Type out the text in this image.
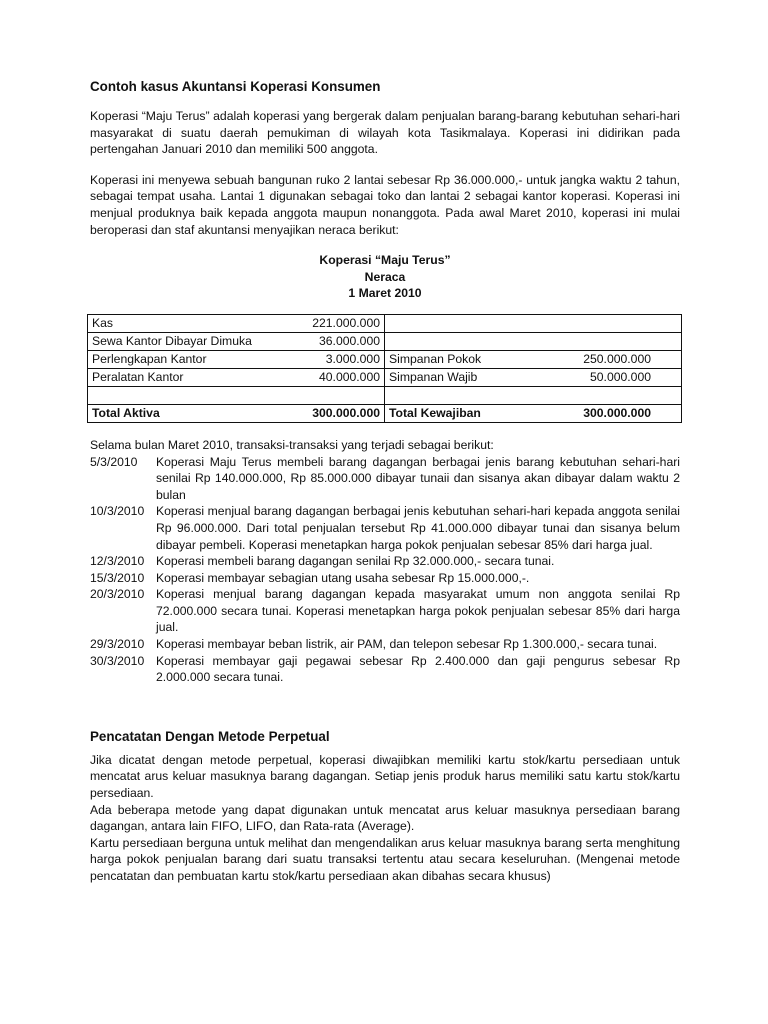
Contoh kasus Akuntansi Koperasi Konsumen

Koperasi “Maju Terus” adalah koperasi yang bergerak dalam penjualan barang-barang kebutuhan sehari-hari masyarakat di suatu daerah pemukiman di wilayah kota Tasikmalaya. Koperasi ini didirikan pada pertengahan Januari 2010 dan memiliki 500 anggota.

Koperasi ini menyewa sebuah bangunan ruko 2 lantai sebesar Rp 36.000.000,- untuk jangka waktu 2 tahun, sebagai tempat usaha. Lantai 1 digunakan sebagai toko dan lantai 2 sebagai kantor koperasi. Koperasi ini menjual produknya baik kepada anggota maupun nonanggota. Pada awal Maret 2010, koperasi ini mulai beroperasi dan staf akuntansi menyajikan neraca berikut:

Koperasi “Maju Terus”
Neraca
1 Maret 2010
Kas	221.000.000		
Sewa Kantor Dibayar Dimuka	36.000.000		
Perlengkapan Kantor	3.000.000	Simpanan Pokok	250.000.000
Peralatan Kantor	40.000.000	Simpanan Wajib	50.000.000

Total Aktiva	300.000.000	Total Kewajiban	300.000.000

Selama bulan Maret 2010, transaksi-transaksi yang terjadi sebagai berikut:

5/3/2010	Koperasi Maju Terus membeli barang dagangan berbagai jenis barang kebutuhan sehari-hari senilai Rp 140.000.000, Rp 85.000.000 dibayar tunaii dan sisanya akan dibayar dalam waktu 2 bulan
10/3/2010 Koperasi menjual barang dagangan berbagai jenis kebutuhan sehari-hari kepada anggota senilai Rp 96.000.000. Dari total penjualan tersebut Rp 41.000.000 dibayar tunai dan sisanya belum dibayar pembeli. Koperasi menetapkan harga pokok penjualan sebesar 85% dari harga jual.
12/3/2010 Koperasi membeli barang dagangan senilai Rp 32.000.000,- secara tunai.
15/3/2010 Koperasi membayar sebagian utang usaha sebesar Rp 15.000.000,-.
20/3/2010 Koperasi menjual barang dagangan kepada masyarakat umum non anggota senilai Rp 72.000.000 secara tunai. Koperasi menetapkan harga pokok penjualan sebesar 85% dari harga jual.
29/3/2010 Koperasi membayar beban listrik, air PAM, dan telepon sebesar Rp 1.300.000,- secara tunai.
30/3/2010 Koperasi membayar gaji pegawai sebesar Rp 2.400.000 dan gaji pengurus sebesar Rp 2.000.000 secara tunai.
Pencatatan Dengan Metode Perpetual

Jika dicatat dengan metode perpetual, koperasi diwajibkan memiliki kartu stok/kartu persediaan untuk mencatat arus keluar masuknya barang dagangan. Setiap jenis produk harus memiliki satu kartu stok/kartu persediaan.

Ada beberapa metode yang dapat digunakan untuk mencatat arus keluar masuknya persediaan barang dagangan, antara lain FIFO, LIFO, dan Rata-rata (Average).

Kartu persediaan berguna untuk melihat dan mengendalikan arus keluar masuknya barang serta menghitung harga pokok penjualan barang dari suatu transaksi tertentu atau secara keseluruhan. (Mengenai metode pencatatan dan pembuatan kartu stok/kartu persediaan akan dibahas secara khusus)
